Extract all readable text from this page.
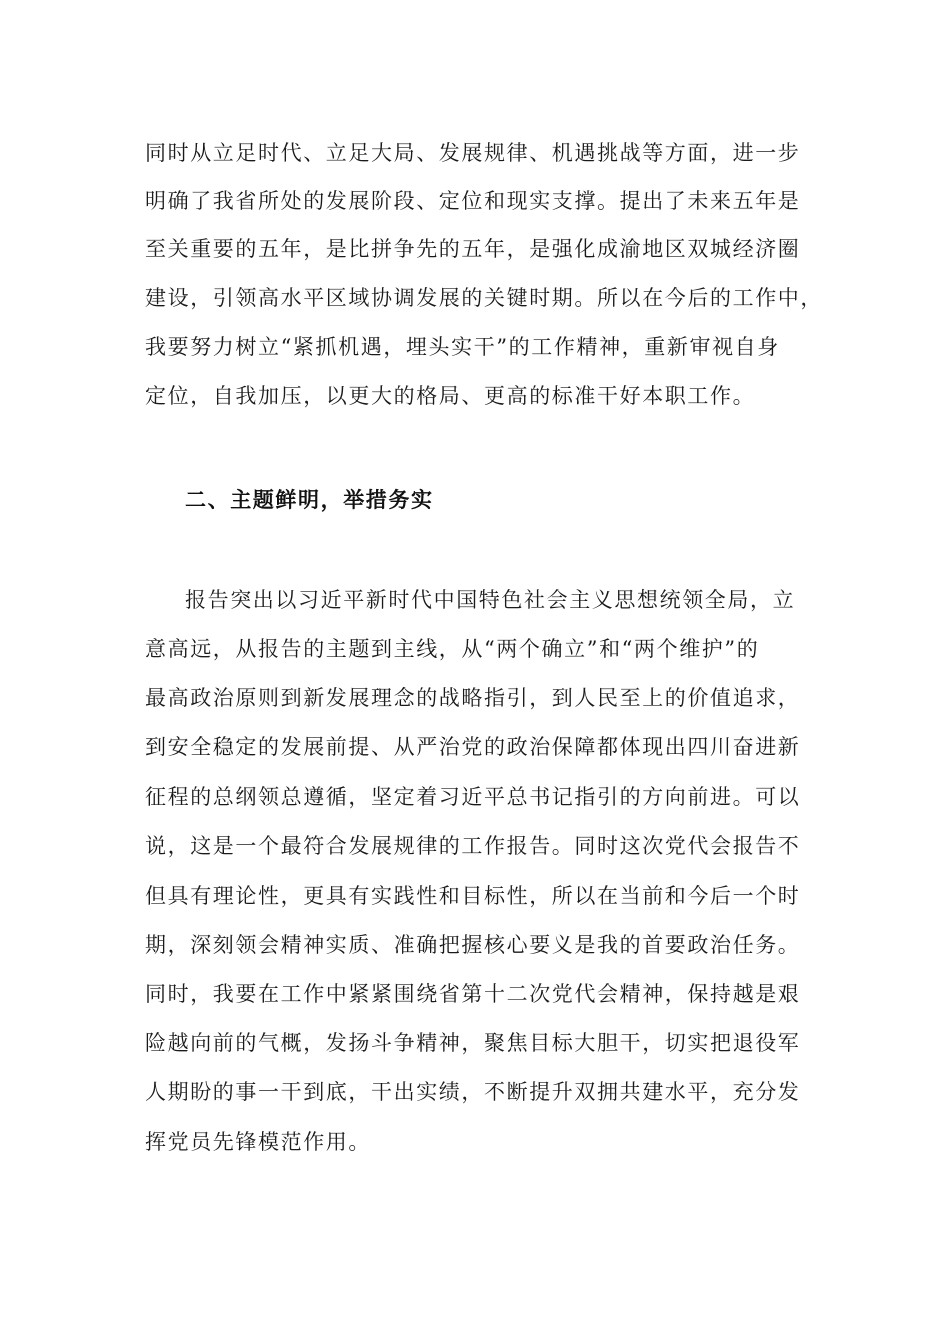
同时从立足时代、立足大局、发展规律、机遇挑战等方面，进一步

明确了我省所处的发展阶段、定位和现实支撑。提出了未来五年是

至关重要的五年，是比拼争先的五年，是强化成渝地区双城经济圈

建设，引领高水平区域协调发展的关键时期。所以在今后的工作中，

我要努力树立“紧抓机遇，埋头实干”的工作精神，重新审视自身

定位，自我加压，以更大的格局、更高的标准干好本职工作。

二、主题鲜明，举措务实

报告突出以习近平新时代中国特色社会主义思想统领全局，立

意高远，从报告的主题到主线，从“两个确立”和“两个维护”的

最高政治原则到新发展理念的战略指引，到人民至上的价值追求，

到安全稳定的发展前提、从严治党的政治保障都体现出四川奋进新

征程的总纲领总遵循，坚定着习近平总书记指引的方向前进。可以

说，这是一个最符合发展规律的工作报告。同时这次党代会报告不

但具有理论性，更具有实践性和目标性，所以在当前和今后一个时

期，深刻领会精神实质、准确把握核心要义是我的首要政治任务。

同时，我要在工作中紧紧围绕省第十二次党代会精神，保持越是艰

险越向前的气概，发扬斗争精神，聚焦目标大胆干，切实把退役军

人期盼的事一干到底，干出实绩，不断提升双拥共建水平，充分发

挥党员先锋模范作用。
